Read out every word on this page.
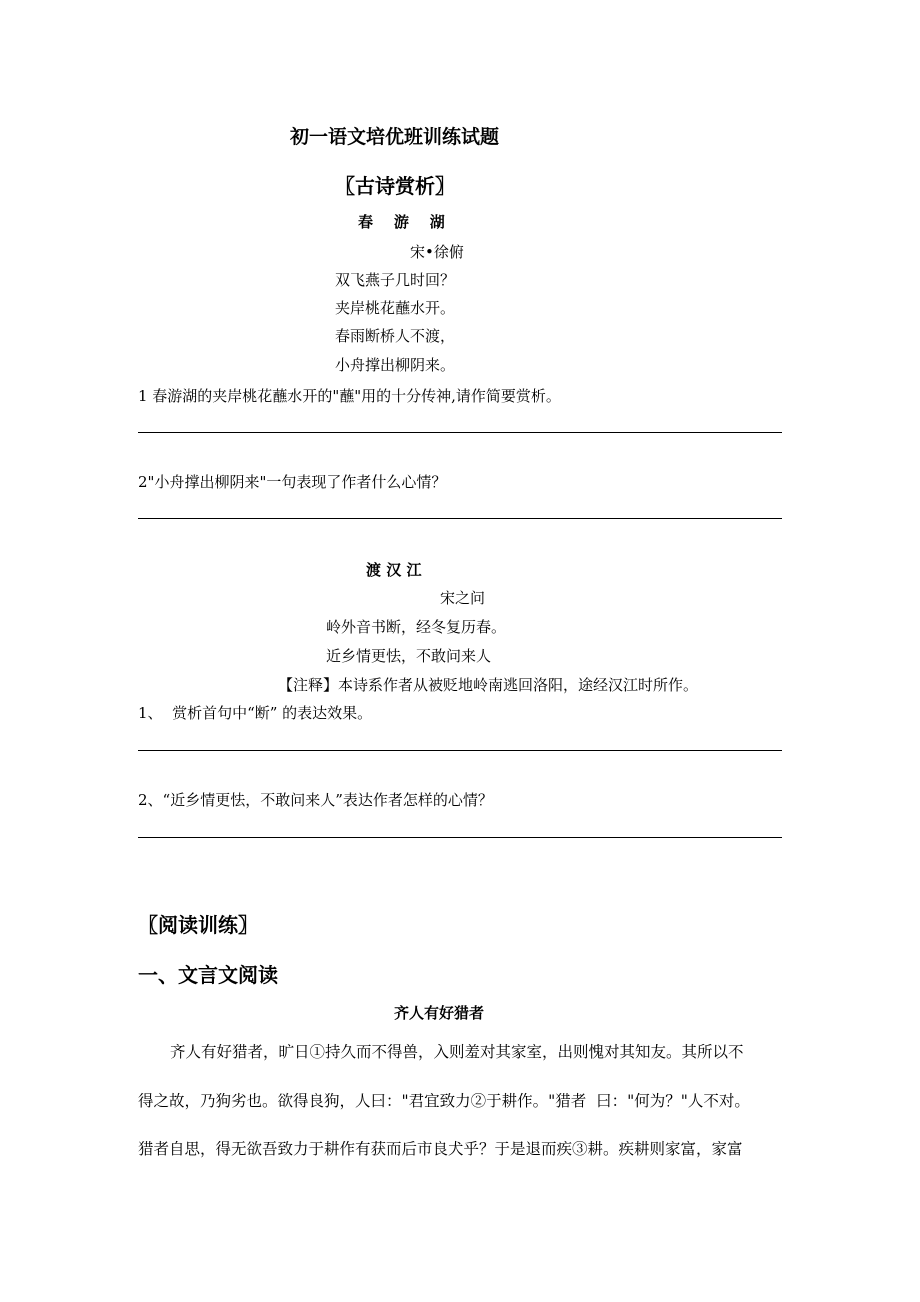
初一语文培优班训练试题
〖古诗赏析〗
春    游    湖
宋•徐俯
双飞燕子几时回？
夹岸桃花蘸水开。
春雨断桥人不渡，
小舟撑出柳阴来。
1 春游湖的夹岸桃花蘸水开的"蘸"用的十分传神,请作简要赏析。
2"小舟撑出柳阴来"一句表现了作者什么心情？
渡 汉 江
宋之问
岭外音书断，经冬复历春。
近乡情更怯，不敢问来人
【注释】本诗系作者从被贬地岭南逃回洛阳，途经汉江时所作。
1、  赏析首句中“断” 的表达效果。
2、“近乡情更怯，不敢问来人”表达作者怎样的心情？
〖阅读训练〗
一、文言文阅读
齐人有好猎者
齐人有好猎者，旷日①持久而不得兽，入则羞对其家室，出则愧对其知友。其所以不
得之故，乃狗劣也。欲得良狗，人曰："君宜致力②于耕作。"猎者  曰："何为？"人不对。
猎者自思，得无欲吾致力于耕作有获而后市良犬乎？于是退而疾③耕。疾耕则家富，家富
